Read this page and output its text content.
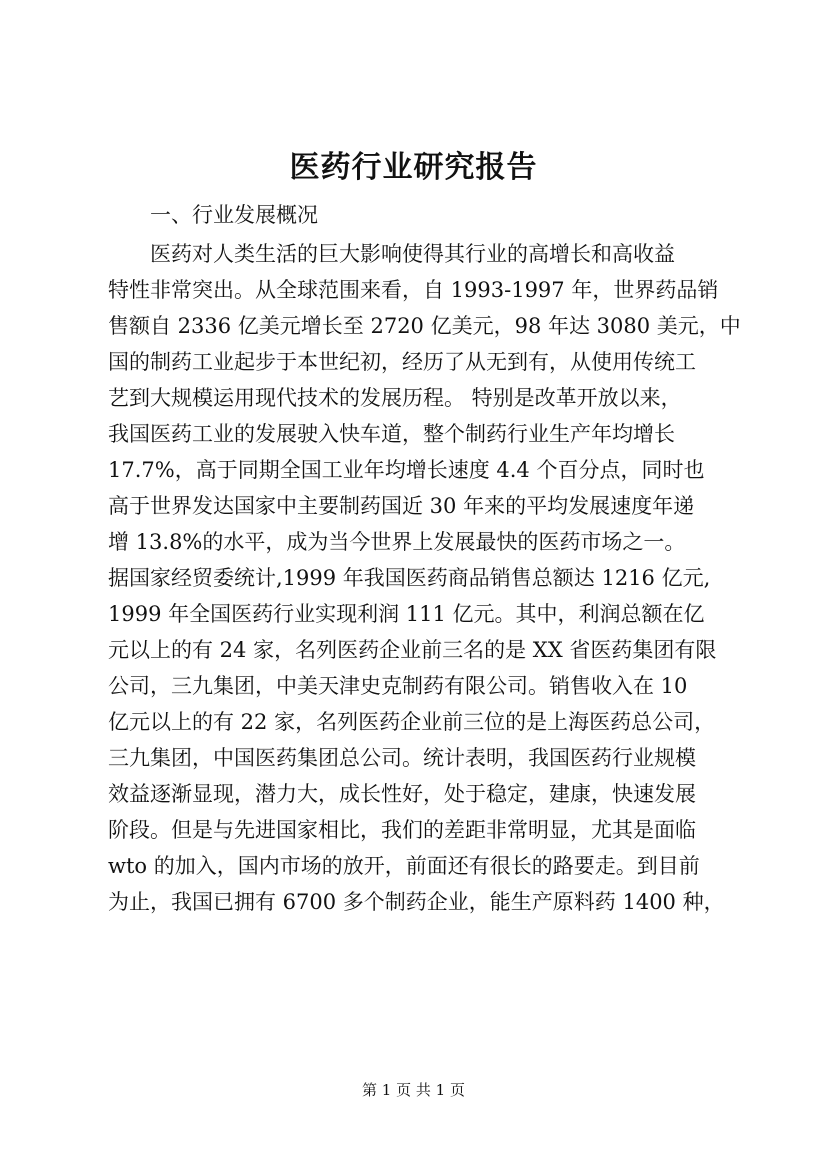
医药行业研究报告
一、行业发展概况
医药对人类生活的巨大影响使得其行业的高增长和高收益
特性非常突出。从全球范围来看，自 1993-1997 年，世界药品销
售额自 2336 亿美元增长至 2720 亿美元，98 年达 3080 美元，中
国的制药工业起步于本世纪初，经历了从无到有，从使用传统工
艺到大规模运用现代技术的发展历程。 特别是改革开放以来，
我国医药工业的发展驶入快车道，整个制药行业生产年均增长
17.7%，高于同期全国工业年均增长速度 4.4 个百分点，同时也
高于世界发达国家中主要制药国近 30 年来的平均发展速度年递
增 13.8%的水平，成为当今世界上发展最快的医药市场之一。
据国家经贸委统计,1999 年我国医药商品销售总额达 1216 亿元,
1999 年全国医药行业实现利润 111 亿元。其中，利润总额在亿
元以上的有 24 家，名列医药企业前三名的是 XX 省医药集团有限
公司，三九集团，中美天津史克制药有限公司。销售收入在 10
亿元以上的有 22 家，名列医药企业前三位的是上海医药总公司，
三九集团，中国医药集团总公司。统计表明，我国医药行业规模
效益逐渐显现，潜力大，成长性好，处于稳定，建康，快速发展
阶段。但是与先进国家相比，我们的差距非常明显，尤其是面临
wto 的加入，国内市场的放开，前面还有很长的路要走。到目前
为止，我国已拥有 6700 多个制药企业，能生产原料药 1400 种，
第 1 页 共 1 页
